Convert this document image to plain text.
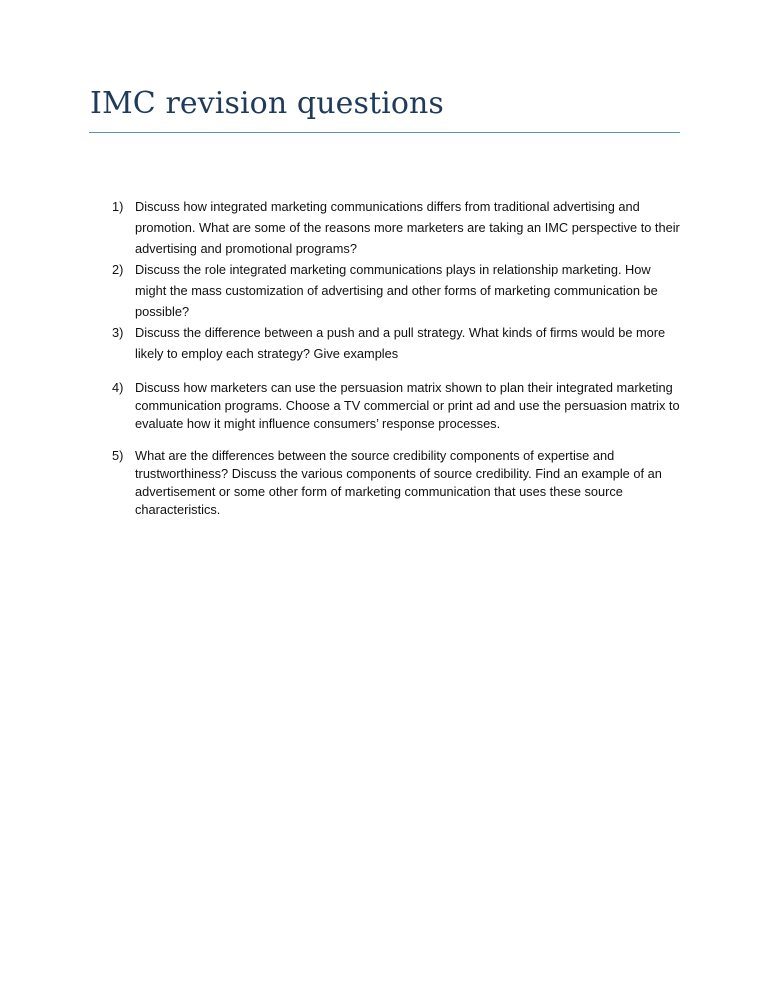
IMC revision questions
1) Discuss how integrated marketing communications differs from traditional advertising and promotion. What are some of the reasons more marketers are taking an IMC perspective to their advertising and promotional programs?
2) Discuss the role integrated marketing communications plays in relationship marketing. How might the mass customization of advertising and other forms of marketing communication be possible?
3) Discuss the difference between a push and a pull strategy. What kinds of firms would be more likely to employ each strategy? Give examples
4) Discuss how marketers can use the persuasion matrix shown to plan their integrated marketing communication programs. Choose a TV commercial or print ad and use the persuasion matrix to evaluate how it might influence consumers’ response processes.
5) What are the differences between the source credibility components of expertise and trustworthiness? Discuss the various components of source credibility. Find an example of an advertisement or some other form of marketing communication that uses these source characteristics.
